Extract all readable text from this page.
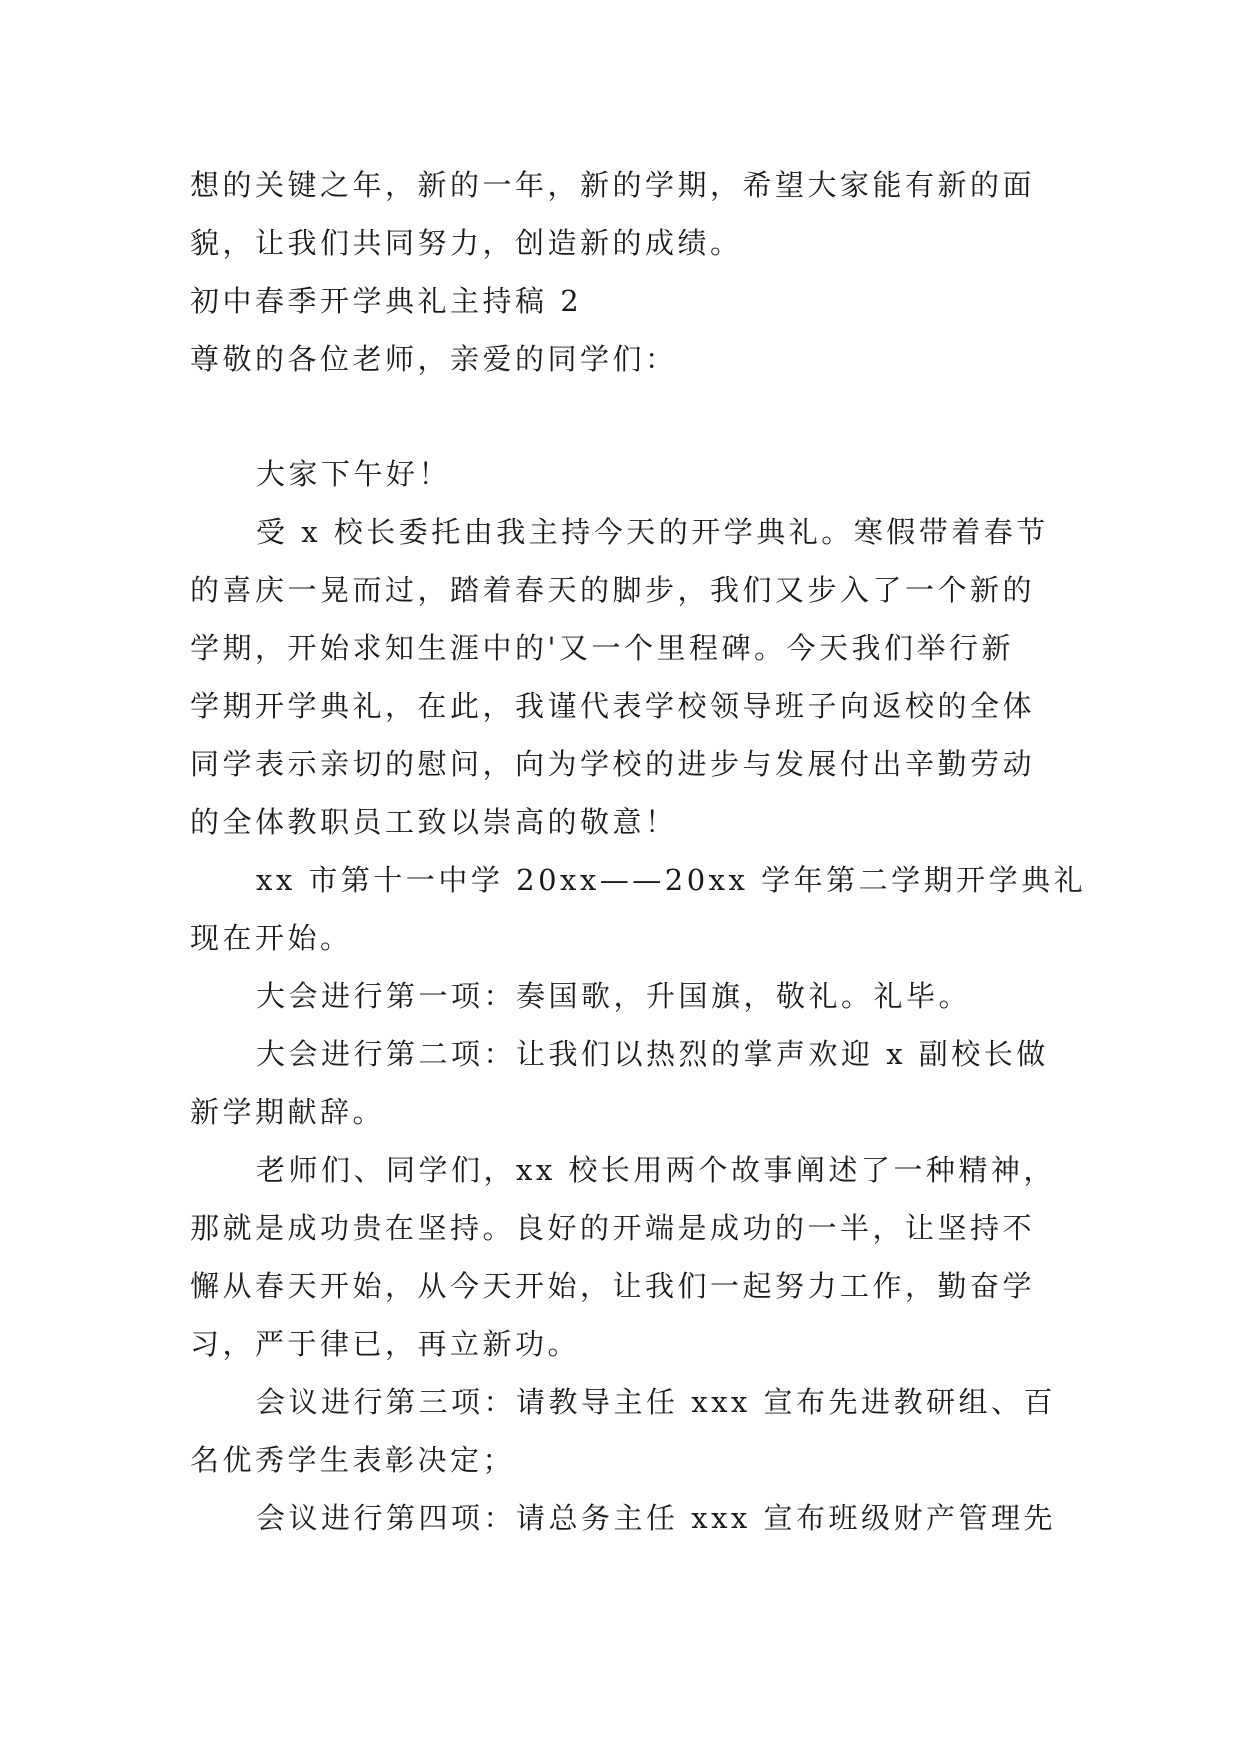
想的关键之年，新的一年，新的学期，希望大家能有新的面
貌，让我们共同努力，创造新的成绩。
初中春季开学典礼主持稿 2
尊敬的各位老师，亲爱的同学们：
大家下午好！
受 x 校长委托由我主持今天的开学典礼。寒假带着春节
的喜庆一晃而过，踏着春天的脚步，我们又步入了一个新的
学期，开始求知生涯中的'又一个里程碑。今天我们举行新
学期开学典礼，在此，我谨代表学校领导班子向返校的全体
同学表示亲切的慰问，向为学校的进步与发展付出辛勤劳动
的全体教职员工致以崇高的敬意！
xx 市第十一中学 20xx——20xx 学年第二学期开学典礼
现在开始。
大会进行第一项：奏国歌，升国旗，敬礼。礼毕。
大会进行第二项：让我们以热烈的掌声欢迎 x 副校长做
新学期献辞。
老师们、同学们，xx 校长用两个故事阐述了一种精神，
那就是成功贵在坚持。良好的开端是成功的一半，让坚持不
懈从春天开始，从今天开始，让我们一起努力工作，勤奋学
习，严于律已，再立新功。
会议进行第三项：请教导主任 xxx 宣布先进教研组、百
名优秀学生表彰决定；
会议进行第四项：请总务主任 xxx 宣布班级财产管理先
